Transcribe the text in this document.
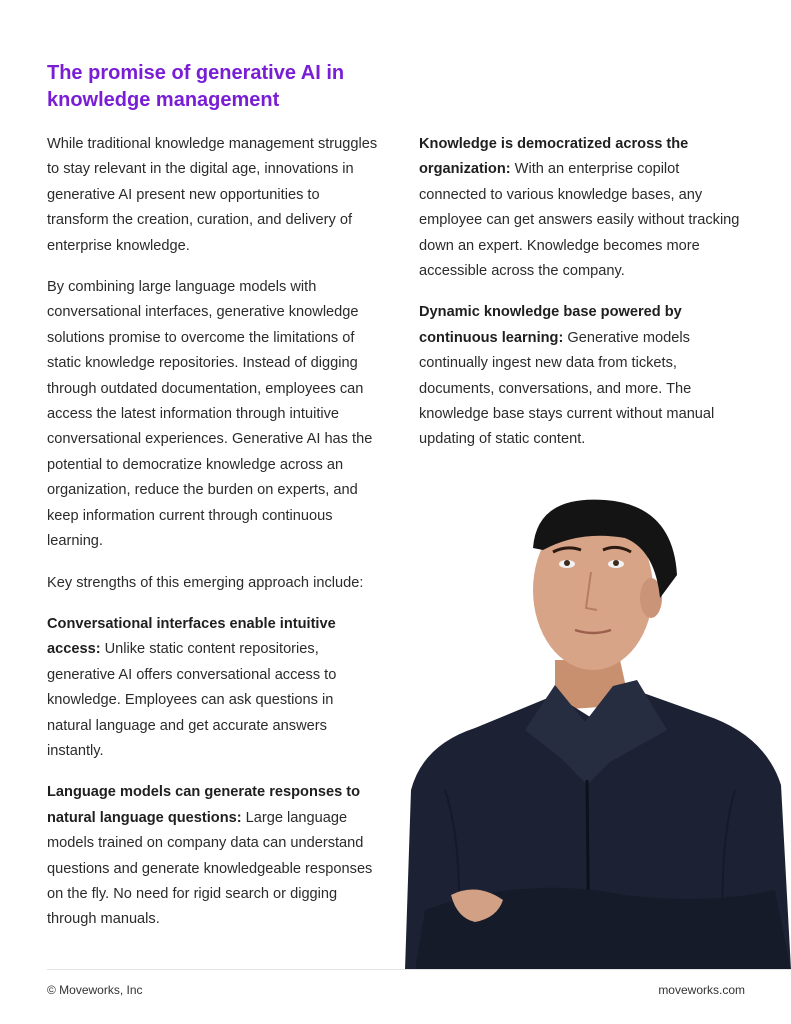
The promise of generative AI in knowledge management

While traditional knowledge management struggles to stay relevant in the digital age, innovations in generative AI present new opportunities to transform the creation, curation, and delivery of enterprise knowledge.

By combining large language models with conversational interfaces, generative knowledge solutions promise to overcome the limitations of static knowledge repositories. Instead of digging through outdated documentation, employees can access the latest information through intuitive conversational experiences. Generative AI has the potential to democratize knowledge across an organization, reduce the burden on experts, and keep information current through continuous learning.

Key strengths of this emerging approach include:

Conversational interfaces enable intuitive access: Unlike static content repositories, generative AI offers conversational access to knowledge. Employees can ask questions in natural language and get accurate answers instantly.

Language models can generate responses to natural language questions: Large language models trained on company data can understand questions and generate knowledgeable responses on the fly. No need for rigid search or digging through manuals.

Knowledge is democratized across the organization: With an enterprise copilot connected to various knowledge bases, any employee can get answers easily without tracking down an expert. Knowledge becomes more accessible across the company.

Dynamic knowledge base powered by continuous learning: Generative models continually ingest new data from tickets, documents, conversations, and more. The knowledge base stays current without manual updating of static content.

© Moveworks, Inc	moveworks.com
